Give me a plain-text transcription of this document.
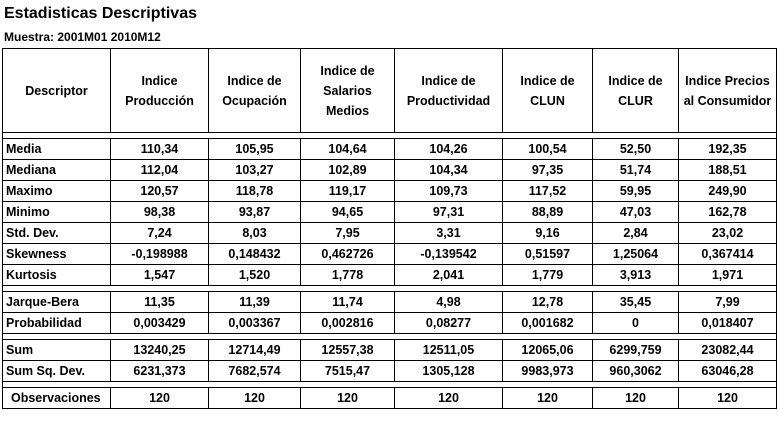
Estadisticas Descriptivas
Muestra: 2001M01 2010M12
Descriptor	Indice Producción	Indice de Ocupación	Indice de Salarios Medios	Indice de Productividad	Indice de CLUN	Indice de CLUR	Indice Precios al Consumidor

Media	110,34	105,95	104,64	104,26	100,54	52,50	192,35
Mediana	112,04	103,27	102,89	104,34	97,35	51,74	188,51
Maximo	120,57	118,78	119,17	109,73	117,52	59,95	249,90
Minimo	98,38	93,87	94,65	97,31	88,89	47,03	162,78
Std. Dev.	7,24	8,03	7,95	3,31	9,16	2,84	23,02
Skewness	-0,198988	0,148432	0,462726	-0,139542	0,51597	1,25064	0,367414
Kurtosis	1,547	1,520	1,778	2,041	1,779	3,913	1,971

Jarque-Bera	11,35	11,39	11,74	4,98	12,78	35,45	7,99
Probabilidad	0,003429	0,003367	0,002816	0,08277	0,001682	0	0,018407

Sum	13240,25	12714,49	12557,38	12511,05	12065,06	6299,759	23082,44
Sum Sq. Dev.	6231,373	7682,574	7515,47	1305,128	9983,973	960,3062	63046,28

Observaciones	120	120	120	120	120	120	120
